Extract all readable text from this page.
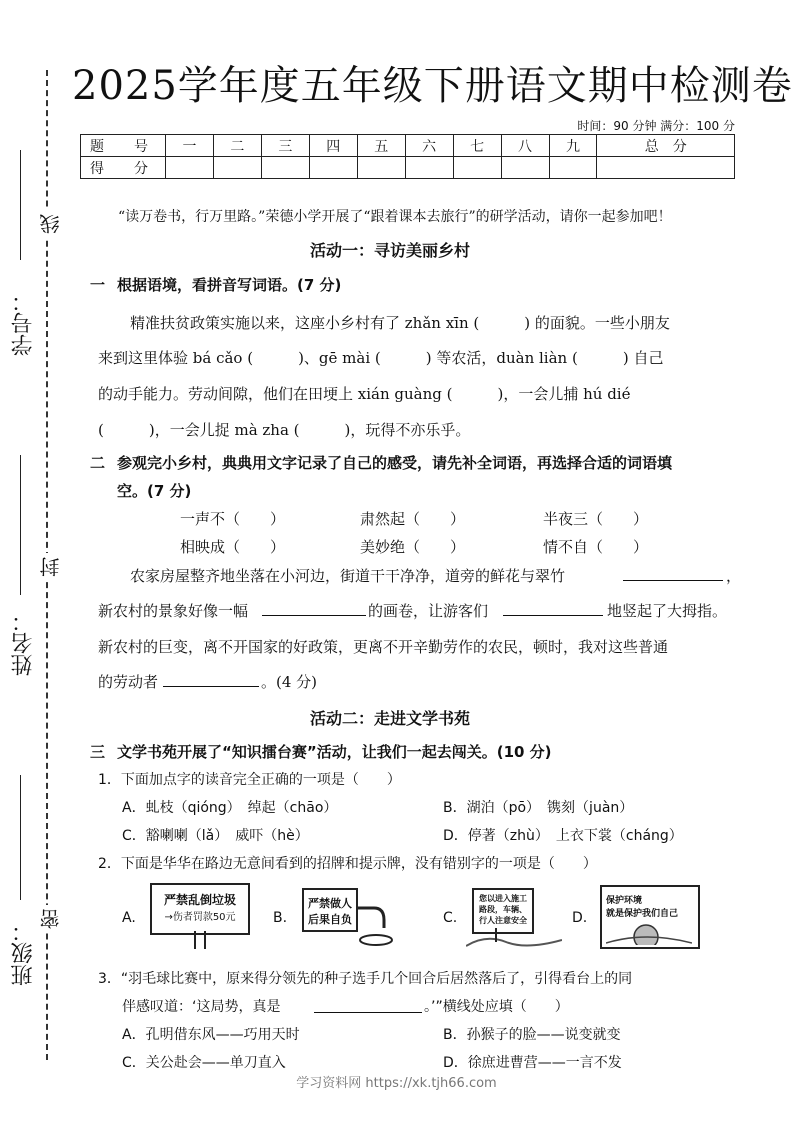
学号：
线
姓名：
封
班级：
密
2025学年度五年级下册语文期中检测卷
时间：90 分钟 满分：100 分
题　号	一	二	三	四	五	六	七	八	九	总　分
得　分										
“读万卷书，行万里路。”荣德小学开展了“跟着课本去旅行”的研学活动，请你一起参加吧！
活动一：寻访美丽乡村
一 根据语境，看拼音写词语。(7 分)
精准扶贫政策实施以来，这座小乡村有了 zhǎn xīn (　　　) 的面貌。一些小朋友
来到这里体验 bá cǎo (　　　)、gē mài (　　　) 等农活，duàn liàn (　　　) 自己
的动手能力。劳动间隙，他们在田埂上 xián guàng (　　　)，一会儿捕 hú dié
(　　　)，一会儿捉 mà zha (　　　)，玩得不亦乐乎。
二 参观完小乡村，典典用文字记录了自己的感受，请先补全词语，再选择合适的词语填
空。(7 分)
一声不（　　）	肃然起（　　）	半夜三（　　）
相映成（　　）	美妙绝（　　）	情不自（　　）
农家房屋整齐地坐落在小河边，街道干干净净，道旁的鲜花与翠竹	，
新农村的景象好像一幅	的画卷，让游客们	地竖起了大拇指。
新农村的巨变，离不开国家的好政策，更离不开辛勤劳作的农民，顿时，我对这些普通
的劳动者	。(4 分)
活动二：走进文学书苑
三 文学书苑开展了“知识擂台赛”活动，让我们一起去闯关。(10 分)
1．下面加点字的读音完全正确的一项是（　　）
A．虬枝（qióng）　绰起（chāo）	B．湖泊（pō）　镌刻（juàn）
C．豁喇喇（lǎ）　威吓（hè）	D．停著（zhù）　上衣下裳（cháng）
2．下面是华华在路边无意间看到的招牌和提示牌，没有错别字的一项是（　　）
A.
严禁乱倒垃圾
→伤者罚款50元	B.
严禁做人
后果自负	C.
您以进入施工
路段，车辆、
行人注意安全	D.
保护环境
就是保护我们自己
3．“羽毛球比赛中，原来得分领先的种子选手几个回合后居然落后了，引得看台上的同
伴感叹道：‘这局势，真是	。’”横线处应填（　　）
A．孔明借东风——巧用天时	B．孙猴子的脸——说变就变
C．关公赴会——单刀直入	D．徐庶进曹营——一言不发
学习资料网 https://xk.tjh66.com
